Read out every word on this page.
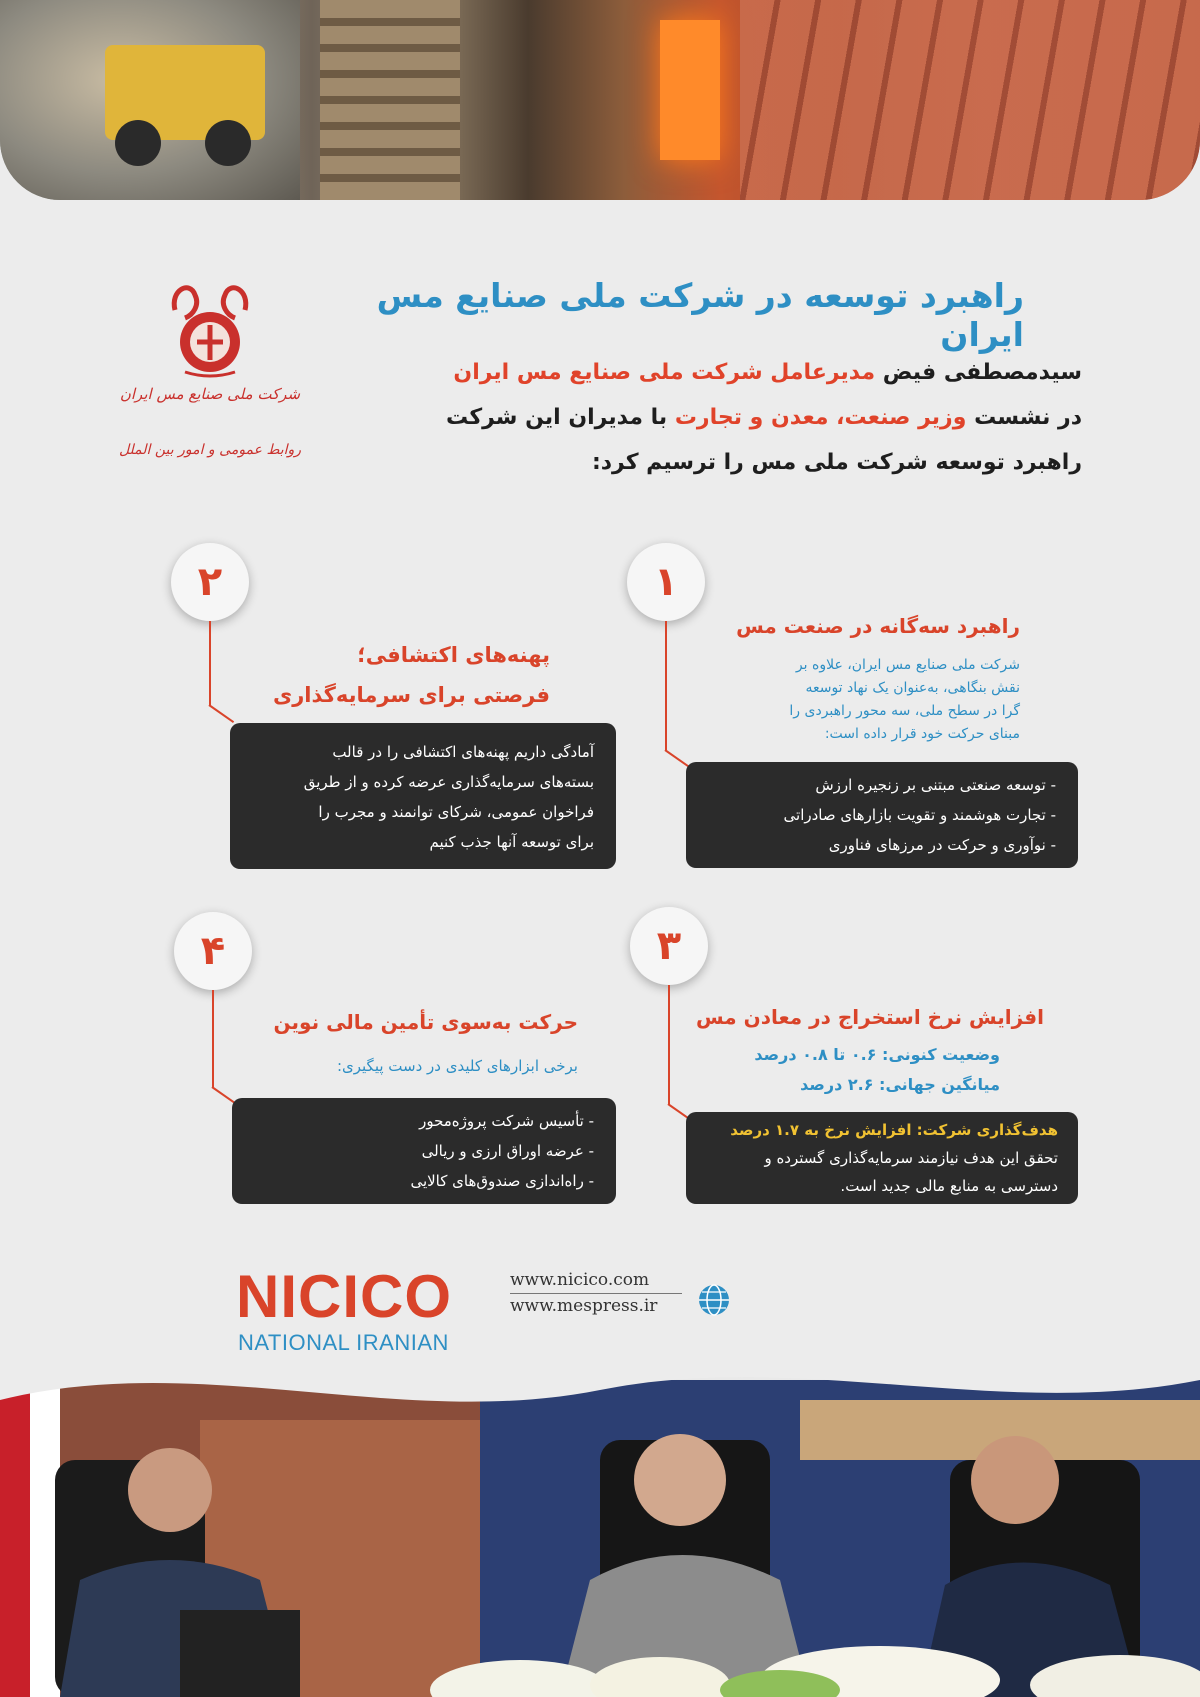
شرکت ملی صنایع مس ایران
روابط عمومی و امور بین الملل
راهبرد توسعه در شرکت ملی صنایع مس ایران
سیدمصطفی فیض مدیرعامل شرکت ملی صنایع مس ایران
در نشست وزیر صنعت، معدن و تجارت با مدیران این شرکت
راهبرد توسعه شرکت ملی مس را ترسیم کرد:
۱
راهبرد سه‌گانه در صنعت مس
شرکت ملی صنایع مس ایران، علاوه بر
نقش بنگاهی، به‌عنوان یک نهاد توسعه
گرا در سطح ملی، سه محور راهبردی را
مبنای حرکت خود قرار داده است:
- توسعه صنعتی مبتنی بر زنجیره ارزش
- تجارت هوشمند و تقویت بازارهای صادراتی
- نوآوری و حرکت در مرزهای فناوری
۲
پهنه‌های اکتشافی؛
فرصتی برای سرمایه‌گذاری
آمادگی داریم پهنه‌های اکتشافی را در قالب
بسته‌های سرمایه‌گذاری عرضه کرده و از طریق
فراخوان عمومی، شرکای توانمند و مجرب را
برای توسعه آنها جذب کنیم
۳
افزایش نرخ استخراج در معادن مس
وضعیت کنونی: ۰.۶ تا ۰.۸ درصد
میانگین جهانی: ۲.۶ درصد
هدف‌گذاری شرکت: افزایش نرخ به ۱.۷ درصد
تحقق این هدف نیازمند سرمایه‌گذاری گسترده و
دسترسی به منابع مالی جدید است.
۴
حرکت به‌سوی تأمین مالی نوین
برخی ابزارهای کلیدی در دست پیگیری:
- تأسیس شرکت پروژه‌محور
- عرضه اوراق ارزی و ریالی
- راه‌اندازی صندوق‌های کالایی
NICICO
NATIONAL IRANIAN
www.nicico.com
www.mespress.ir
